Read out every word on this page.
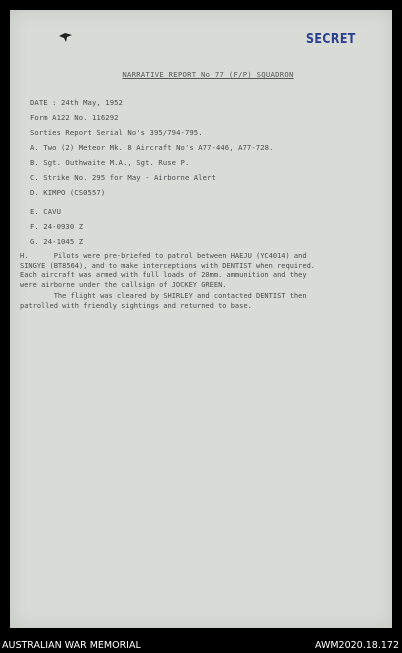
SECRET
NARRATIVE REPORT No 77 (F/P) SQUADRON
DATE : 24th May, 1952
Form A122 No. 116292
Sorties Report Serial No's 395/794-795.
A. Two (2) Meteor Mk. 8 Aircraft No's A77-446, A77-728.
B. Sgt. Outhwaite M.A., Sgt. Ruse P.
C. Strike No. 295 for May - Airborne Alert
D. KIMPO (CS0557)
E. CAVU
F. 24-0930 Z
G. 24-1045 Z
H.      Pilots were pre-briefed to patrol between HAEJU (YC4014) and
SINGYE (BT8564), and to make interceptions with DENTIST when required.
Each aircraft was armed with full loads of 20mm. ammunition and they
were airborne under the callsign of JOCKEY GREEN.
The flight was cleared by SHIRLEY and contacted DENTIST then
patrolled with friendly sightings and returned to base.
AUSTRALIAN WAR MEMORIAL	AWM2020.18.172
